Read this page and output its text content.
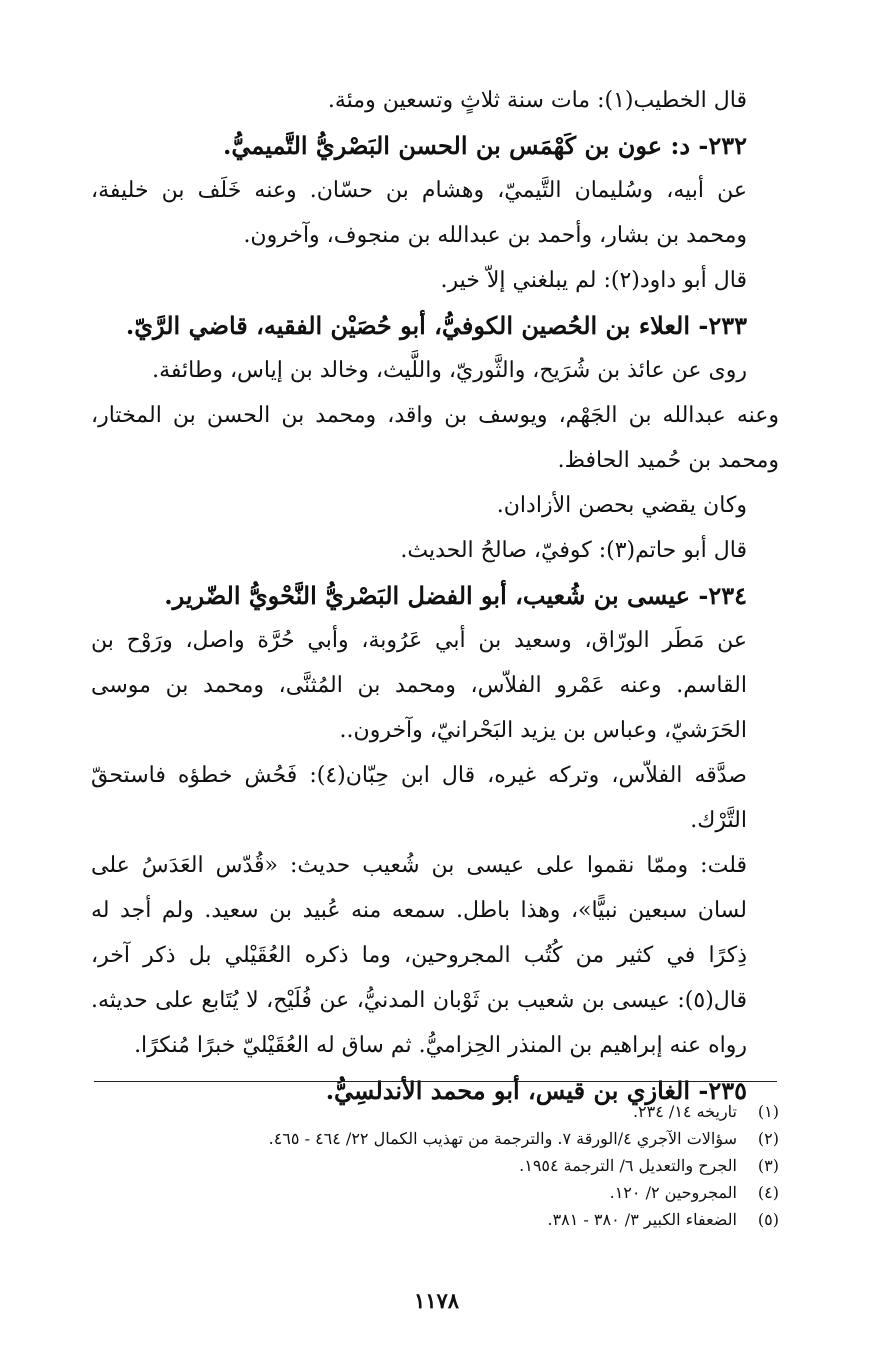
قال الخطيب(١): مات سنة ثلاثٍ وتسعين ومئة.

٢٣٢- د: عون بن كَهْمَس بن الحسن البَصْريُّ التَّميميُّ.

عن أبيه، وسُليمان التَّيميّ، وهشام بن حسّان. وعنه خَلَف بن خليفة، ومحمد بن بشار، وأحمد بن عبدالله بن منجوف، وآخرون.

قال أبو داود(٢): لم يبلغني إلاّ خير.

٢٣٣- العلاء بن الحُصين الكوفيُّ، أبو حُصَيْن الفقيه، قاضي الرَّيّ.

روى عن عائذ بن شُرَيح، والثَّوريّ، واللَّيث، وخالد بن إياس، وطائفة.

وعنه عبدالله بن الجَهْم، ويوسف بن واقد، ومحمد بن الحسن بن المختار، ومحمد بن حُميد الحافظ.

وكان يقضي بحصن الأزادان.

قال أبو حاتم(٣): كوفيّ، صالحُ الحديث.

٢٣٤- عيسى بن شُعيب، أبو الفضل البَصْريُّ النَّحْويُّ الضّرير.

عن مَطَر الورّاق، وسعيد بن أبي عَرُوبة، وأبي حُرَّة واصل، ورَوْح بن القاسم. وعنه عَمْرو الفلاّس، ومحمد بن المُثنَّى، ومحمد بن موسى الحَرَشيّ، وعباس بن يزيد البَحْرانيّ، وآخرون..

صدَّقه الفلاّس، وتركه غيره، قال ابن حِبّان(٤): فَحُش خطؤه فاستحقّ التَّرْك.

قلت: وممّا نقموا على عيسى بن شُعيب حديث: «قُدّس العَدَسُ على لسان سبعين نبيًّا»، وهذا باطل. سمعه منه عُبيد بن سعيد. ولم أجد له ذِكرًا في كثير من كُتُب المجروحين، وما ذكره العُقَيْلي بل ذكر آخر، قال(٥): عيسى بن شعيب بن ثَوْبان المدنيُّ، عن فُلَيْح، لا يُتَابع على حديثه. رواه عنه إبراهيم بن المنذر الحِزاميُّ. ثم ساق له العُقَيْليّ خبرًا مُنكرًا.

٢٣٥- الغازي بن قيس، أبو محمد الأندلسِيُّ.

(١)
تاريخه ١٤/ ٢٣٤.
(٢)
سؤالات الآجري ٤/الورقة ٧. والترجمة من تهذيب الكمال ٢٢/ ٤٦٤ - ٤٦٥.
(٣)
الجرح والتعديل ٦/ الترجمة ١٩٥٤.
(٤)
المجروحين ٢/ ١٢٠.
(٥)
الضعفاء الكبير ٣/ ٣٨٠ - ٣٨١.
١١٧٨
